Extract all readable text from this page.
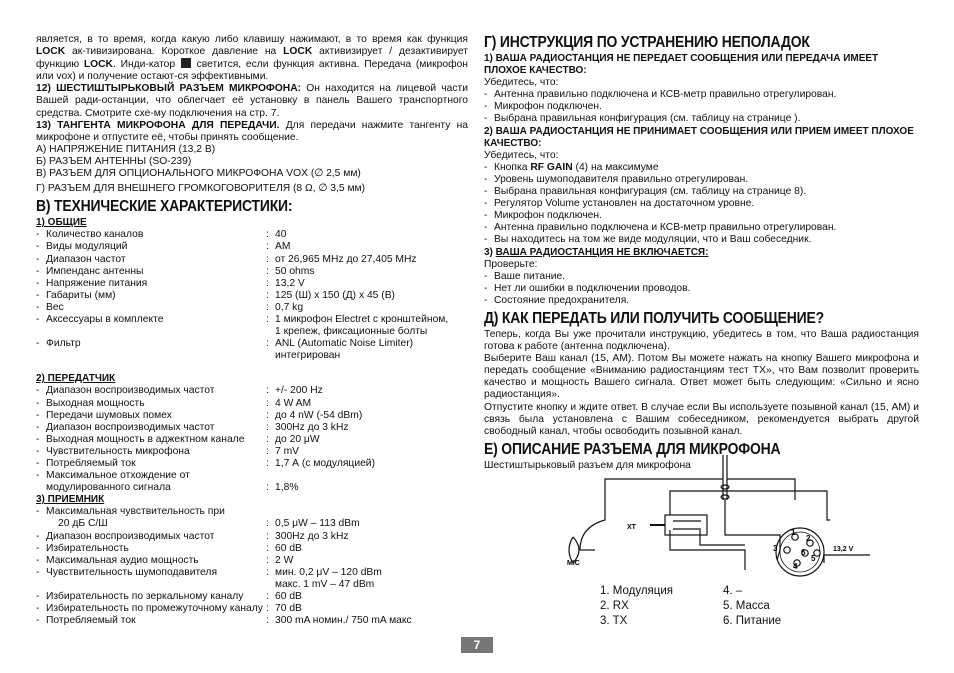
является, в то время, когда какую либо клавишу нажимают, в то время как функция LOCK ак-тивизирована. Короткое давление на LOCK активизирует / дезактивирует функцию LOCK. Инди-катор  светится, если функция активна. Передача (микрофон или vox) и получение остают-ся эффективными.

12) ШЕСТИШТЫРЬКОВЫЙ РАЗЪЕМ МИКРОФОНА: Он находится на лицевой части Вашей ради-останции, что облегчает её установку в панель Вашего транспортного средства. Смотрите схе-му подключения на стр. 7.

13) ТАНГЕНТА МИКРОФОНА ДЛЯ ПЕРЕДАЧИ. Для передачи нажмите тангенту на микрофоне и отпустите её, чтобы принять сообщение.

А) НАПРЯЖЕНИЕ ПИТАНИЯ (13,2 В)
Б) РАЗЪЕМ АНТЕННЫ (SO-239)
В) РАЗЪЕМ ДЛЯ ОПЦИОНАЛЬНОГО МИКРОФОНА VOX (∅ 2,5 мм)
Г) РАЗЪЕМ ДЛЯ ВНЕШНЕГО ГРОМКОГОВОРИТЕЛЯ (8 Ω, ∅ 3,5 мм)
В) ТЕХНИЧЕСКИЕ ХАРАКТЕРИСТИКИ:
1) ОБЩИЕ
- Количество каналов	: 40
- Виды модуляций	: AM
- Диапазон частот	: от 26,965 MHz до 27,405 MHz
- Импенданс антенны	: 50 ohms
- Напряжение питания	: 13,2 V
- Габариты (мм)	: 125 (Ш) x 150 (Д) x 45 (В)
- Вес	: 0,7 kg
- Аксессуары в комплекте	: 1 микрофон Electret с кронштейном,
1 крепеж, фиксационные болты
- Фильтр	: ANL (Automatic Noise Limiter)
интегрирован
2) ПЕРЕДАТЧИК
- Диапазон воспроизводимых частот	: +/- 200 Hz
- Выходная мощность	: 4 W AM
- Передачи шумовых помех	: до 4 nW (-54 dBm)
- Диапазон воспроизводимых частот	: 300Hz до 3 kHz
- Выходная мощность в аджектном канале	: до 20 μW
- Чувствительность микрофона	: 7 mV
- Потребляемый ток	: 1,7 А (с модуляцией)
- Максимальное отхождение от
модулированного сигнала	: 1,8%
3) ПРИЕМНИК
- Максимальная чувствительность при
20 дБ С/Ш	: 0,5 μW – 113 dBm
- Диапазон воспроизводимых частот	: 300Hz до 3 kHz
- Избирательность	: 60 dB
- Максимальная аудио мощность	: 2 W
- Чувствительность шумоподавителя	: мин. 0,2 μV – 120 dBm
макс. 1 mV – 47 dBm
- Избирательность по зеркальному каналу	: 60 dB
- Избирательность по промежуточному каналу : 70 dB
- Потребляемый ток	: 300 mA номин./ 750 mA макс
Г) ИНСТРУКЦИЯ ПО УСТРАНЕНИЮ НЕПОЛАДОК
1) ВАША РАДИОСТАНЦИЯ НЕ ПЕРЕДАЕТ СООБЩЕНИЯ ИЛИ ПЕРЕДАЧА ИМЕЕТ ПЛОХОЕ КАЧЕСТВО:
Убедитесь, что:
- Антенна правильно подключена и КСВ-метр правильно отрегулирован.
- Микрофон подключен.
- Выбрана правильная конфигурация (см. таблицу на странице ).
2) ВАША РАДИОСТАНЦИЯ НЕ ПРИНИМАЕТ СООБЩЕНИЯ ИЛИ ПРИЕМ ИМЕЕТ ПЛОХОЕ КАЧЕСТВО:
Убедитесь, что:
- Кнопка RF GAIN (4) на максимуме
- Уровень шумоподавителя правильно отрегулирован.
- Выбрана правильная конфигурация (см. таблицу на странице 8).
- Регулятор Volume установлен на достаточном уровне.
- Микрофон подключен.
- Антенна правильно подключена и КСВ-метр правильно отрегулирован.
- Вы находитесь на том же виде модуляции, что и Ваш собеседник.
3) ВАША РАДИОСТАНЦИЯ НЕ ВКЛЮЧАЕТСЯ:
Проверьте:
- Ваше питание.
- Нет ли ошибки в подключении проводов.
- Состояние предохранителя.
Д) КАК ПЕРЕДАТЬ ИЛИ ПОЛУЧИТЬ СООБЩЕНИЕ?

Теперь, когда Вы уже прочитали инструкцию, убедитесь в том, что Ваша радиостанция готова к работе (антенна подключена).

Выберите Ваш канал (15, AM). Потом Вы можете нажать на кнопку Вашего микрофона и передать сообщение «Вниманию радиостанциям тест ТХ», что Вам позволит проверить качество и мощность Вашего сигнала. Ответ может быть следующим: «Сильно и ясно радиостанция».

Отпустите кнопку и ждите ответ. В случае если Вы используете позывной канал (15, AM) и связь была установлена с Вашим собеседником, рекомендуется выбрать другой свободный канал, чтобы освободить позывной канал.

Е) ОПИСАНИЕ РАЗЪЕМА ДЛЯ МИКРОФОНА
Шестиштырьковый разъем для микрофона
XT
MIC
13,2 V
1
2
3
4
5
6
1. Модуляция	4. –
2. RX	5. Масса
3. TX	6. Питание
7
